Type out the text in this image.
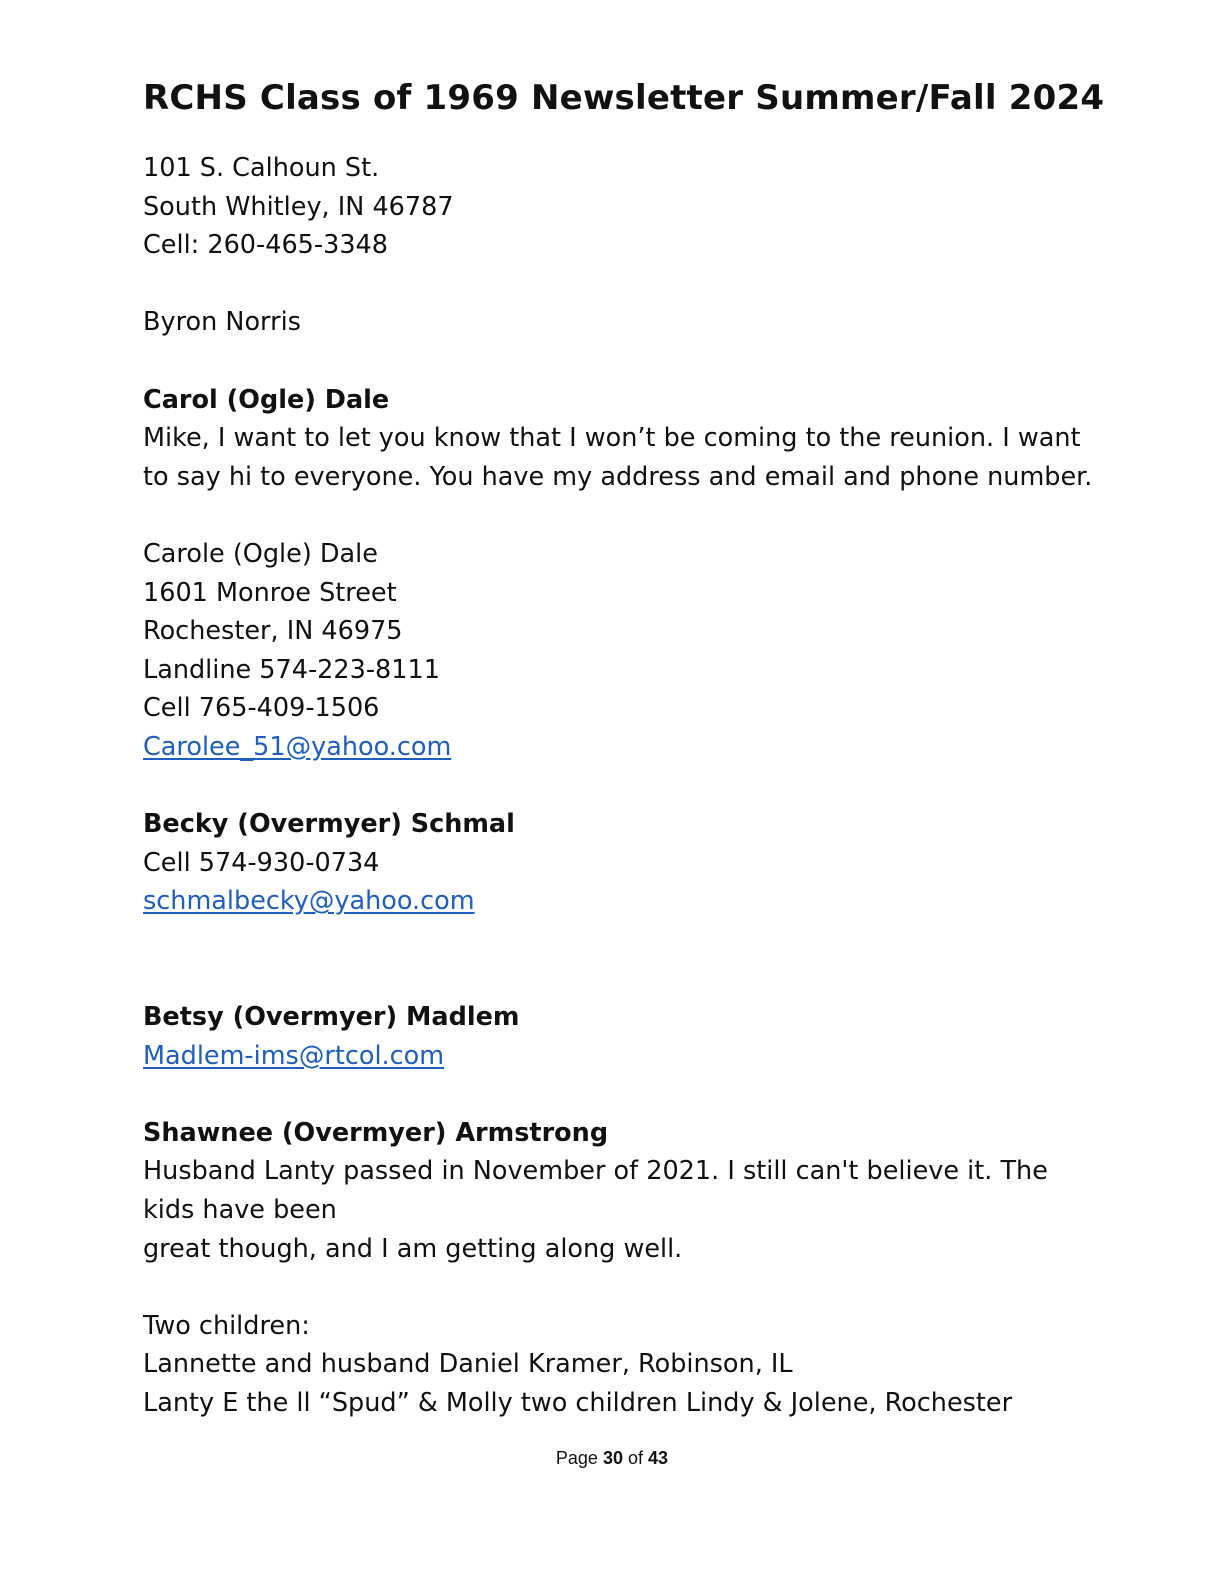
RCHS Class of 1969 Newsletter Summer/Fall 2024
101 S. Calhoun St.
South Whitley, IN 46787
Cell: 260-465-3348
Byron Norris
Carol (Ogle) Dale
Mike, I want to let you know that I won’t be coming to the reunion. I want
to say hi to everyone. You have my address and email and phone number.
Carole (Ogle) Dale
1601 Monroe Street
Rochester, IN 46975
Landline 574-223-8111
Cell 765-409-1506
Carolee_51@yahoo.com
Becky (Overmyer) Schmal
Cell 574-930-0734
schmalbecky@yahoo.com
Betsy (Overmyer) Madlem
Madlem-ims@rtcol.com
Shawnee (Overmyer) Armstrong
Husband Lanty passed in November of 2021. I still can't believe it. The
kids have been
great though, and I am getting along well.
Two children:
Lannette and husband Daniel Kramer, Robinson, IL
Lanty E the ll “Spud” & Molly two children Lindy & Jolene, Rochester
Page 30 of 43
